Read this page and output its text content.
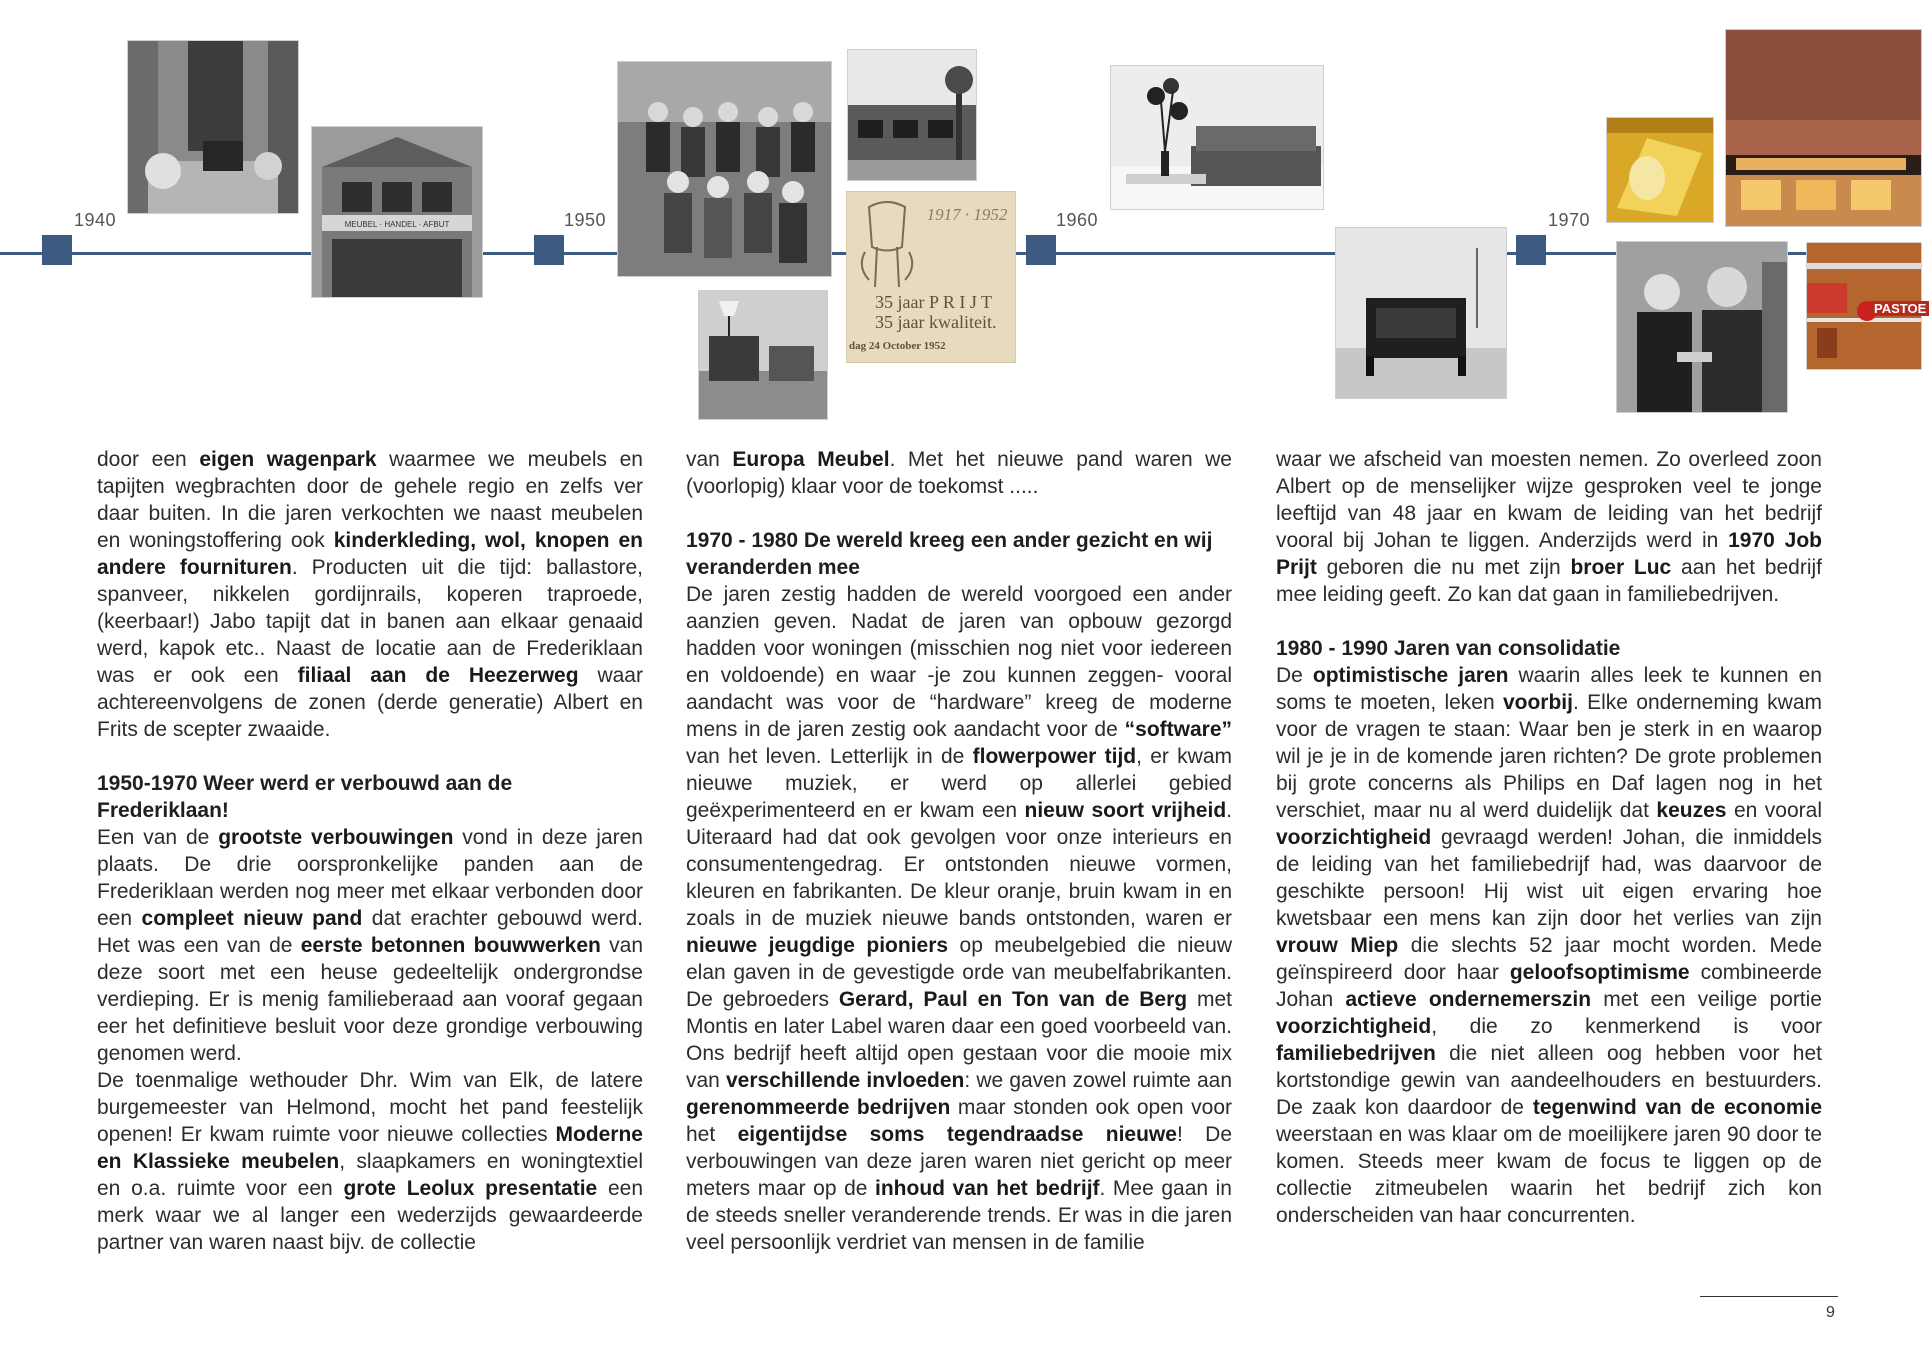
1940	1950	1960	1970
MEUBEL · HANDEL · AFBUT
1917 · 1952
35 jaar P R I J T
35 jaar kwaliteit.
dag 24 October 1952
PASTOE

door een eigen wagenpark waarmee we meubels en tapijten wegbrachten door de gehele regio en zelfs ver daar buiten. In die jaren verkochten we naast meubelen en woningstoffering ook kinderkleding, wol, knopen en andere fournituren. Producten uit die tijd: ballastore, spanveer, nikkelen gordijnrails, koperen traproede, (keerbaar!) Jabo tapijt dat in banen aan elkaar genaaid werd, kapok etc.. Naast de locatie aan de Frederiklaan was er ook een filiaal aan de Heezerweg waar achtereenvolgens de zonen (derde generatie) Albert en Frits de scepter zwaaide.

1950-1970 Weer werd er verbouwd aan de Frederiklaan!

Een van de grootste verbouwingen vond in deze jaren plaats. De drie oorspronkelijke panden aan de Frederiklaan werden nog meer met elkaar verbonden door een compleet nieuw pand dat erachter gebouwd werd. Het was een van de eerste betonnen bouwwerken van deze soort met een heuse gedeeltelijk ondergrondse verdieping. Er is menig familieberaad aan vooraf gegaan eer het definitieve besluit voor deze grondige verbouwing genomen werd.

De toenmalige wethouder Dhr. Wim van Elk, de latere burgemeester van Helmond, mocht het pand feestelijk openen! Er kwam ruimte voor nieuwe collecties Moderne en Klassieke meubelen, slaapkamers en woningtextiel en o.a. ruimte voor een grote Leolux presentatie een merk waar we al langer een wederzijds gewaardeerde partner van waren naast bijv. de collectie

van Europa Meubel. Met het nieuwe pand waren we (voorlopig) klaar voor de toekomst .....

1970 - 1980 De wereld kreeg een ander gezicht en wij veranderden mee

De jaren zestig hadden de wereld voorgoed een ander aanzien geven. Nadat de jaren van opbouw gezorgd hadden voor woningen (misschien nog niet voor iedereen en voldoende) en waar -je zou kunnen zeggen- vooral aandacht was voor de “hardware” kreeg de moderne mens in de jaren zestig ook aandacht voor de “software” van het leven. Letterlijk in de flowerpower tijd, er kwam nieuwe muziek, er werd op allerlei gebied geëxperimenteerd en er kwam een nieuw soort vrijheid. Uiteraard had dat ook gevolgen voor onze interieurs en consumentengedrag. Er ontstonden nieuwe vormen, kleuren en fabrikanten. De kleur oranje, bruin kwam in en zoals in de muziek nieuwe bands ontstonden, waren er nieuwe jeugdige pioniers op meubelgebied die nieuw elan gaven in de gevestigde orde van meubelfabrikanten. De gebroeders Gerard, Paul en Ton van de Berg met Montis en later Label waren daar een goed voorbeeld van. Ons bedrijf heeft altijd open gestaan voor die mooie mix van verschillende invloeden: we gaven zowel ruimte aan gerenommeerde bedrijven maar stonden ook open voor het eigentijdse soms tegendraadse nieuwe! De verbouwingen van deze jaren waren niet gericht op meer meters maar op de inhoud van het bedrijf. Mee gaan in de steeds sneller veranderende trends. Er was in die jaren veel persoonlijk verdriet van mensen in de familie

waar we afscheid van moesten nemen. Zo overleed zoon Albert op de menselijker wijze gesproken veel te jonge leeftijd van 48 jaar en kwam de leiding van het bedrijf vooral bij Johan te liggen. Anderzijds werd in 1970 Job Prijt geboren die nu met zijn broer Luc aan het bedrijf mee leiding geeft. Zo kan dat gaan in familiebedrijven.

1980 - 1990 Jaren van consolidatie

De optimistische jaren waarin alles leek te kunnen en soms te moeten, leken voorbij. Elke onderneming kwam voor de vragen te staan: Waar ben je sterk in en waarop wil je je in de komende jaren richten? De grote problemen bij grote concerns als Philips en Daf lagen nog in het verschiet, maar nu al werd duidelijk dat keuzes en vooral voorzichtigheid gevraagd werden! Johan, die inmiddels de leiding van het familiebedrijf had, was daarvoor de geschikte persoon! Hij wist uit eigen ervaring hoe kwetsbaar een mens kan zijn door het verlies van zijn vrouw Miep die slechts 52 jaar mocht worden. Mede geïnspireerd door haar geloofsoptimisme combineerde Johan actieve ondernemerszin met een veilige portie voorzichtigheid, die zo kenmerkend is voor familiebedrijven die niet alleen oog hebben voor het kortstondige gewin van aandeelhouders en bestuurders. De zaak kon daardoor de tegenwind van de economie weerstaan en was klaar om de moeilijkere jaren 90 door te komen. Steeds meer kwam de focus te liggen op de collectie zitmeubelen waarin het bedrijf zich kon onderscheiden van haar concurrenten.

9
